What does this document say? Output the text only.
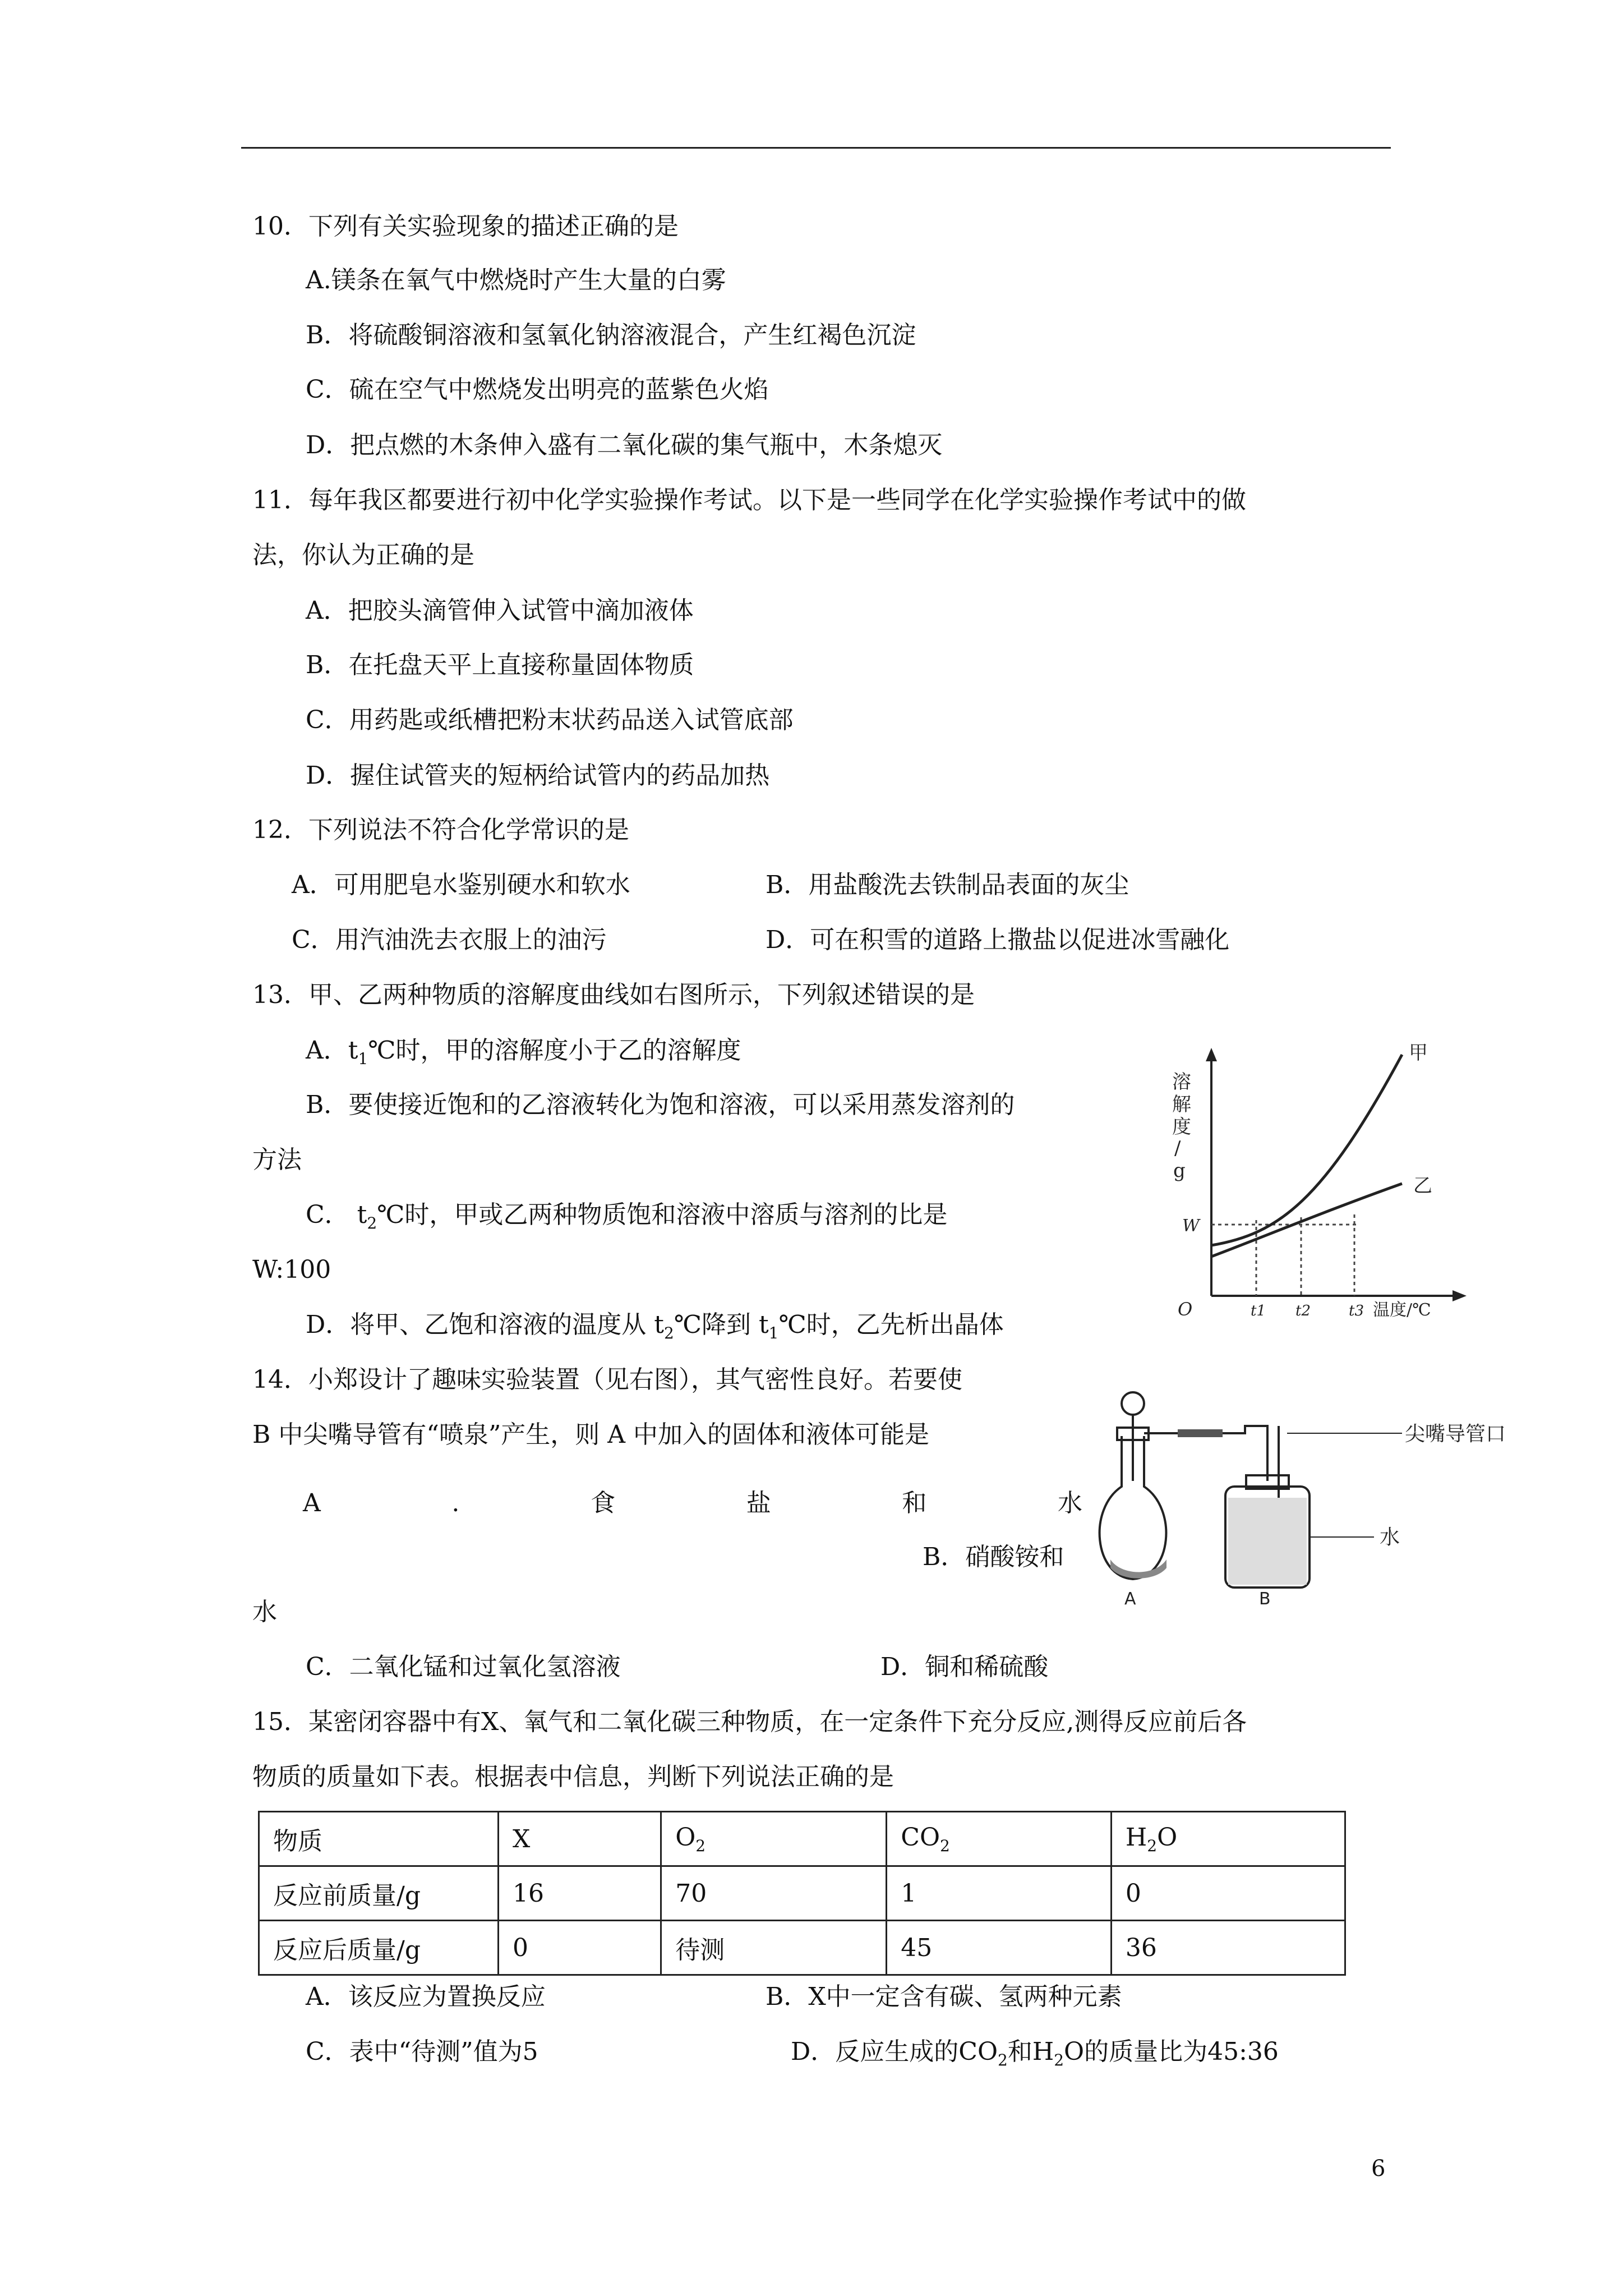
10．下列有关实验现象的描述正确的是
A.镁条在氧气中燃烧时产生大量的白雾
B．将硫酸铜溶液和氢氧化钠溶液混合，产生红褐色沉淀
C．硫在空气中燃烧发出明亮的蓝紫色火焰
D．把点燃的木条伸入盛有二氧化碳的集气瓶中，木条熄灭
11．每年我区都要进行初中化学实验操作考试。以下是一些同学在化学实验操作考试中的做
法，你认为正确的是
A．把胶头滴管伸入试管中滴加液体
B．在托盘天平上直接称量固体物质
C．用药匙或纸槽把粉末状药品送入试管底部
D．握住试管夹的短柄给试管内的药品加热
12．下列说法不符合化学常识的是
A．可用肥皂水鉴别硬水和软水	B．用盐酸洗去铁制品表面的灰尘
C．用汽油洗去衣服上的油污	D．可在积雪的道路上撒盐以促进冰雪融化
13．甲、乙两种物质的溶解度曲线如右图所示，下列叙述错误的是
A．$t_1℃$时，甲的溶解度小于乙的溶解度
B．要使接近饱和的乙溶液转化为饱和溶液，可以采用蒸发溶剂的
方法
C． $t_2℃$时，甲或乙两种物质饱和溶液中溶质与溶剂的比是
W:100
D．将甲、乙饱和溶液的温度从 $t_2℃$降到 $t_1℃$时，乙先析出晶体
溶
解
度
/
g
W
O	t1 t2	t3 温度/℃
甲
乙
14．小郑设计了趣味实验装置（见右图），其气密性良好。若要使
B 中尖嘴导管有“喷泉”产生，则 A 中加入的固体和液体可能是
A	.	食	盐	和	水
B．硝酸铵和
水
C．二氧化锰和过氧化氢溶液	D．铜和稀硫酸
尖嘴导管口
水
A	B
15．某密闭容器中有X、氧气和二氧化碳三种物质，在一定条件下充分反应,测得反应前后各
物质的质量如下表。根据表中信息，判断下列说法正确的是
物质	X	$O_2$	$CO_2$	$H_2O$
反应前质量/g	16	70	1	0
反应后质量/g	0	待测	45	36
A．该反应为置换反应	B．X中一定含有碳、氢两种元素
C．表中“待测”值为5	D．反应生成的$CO_2$和$H_2O$的质量比为45:36
6
